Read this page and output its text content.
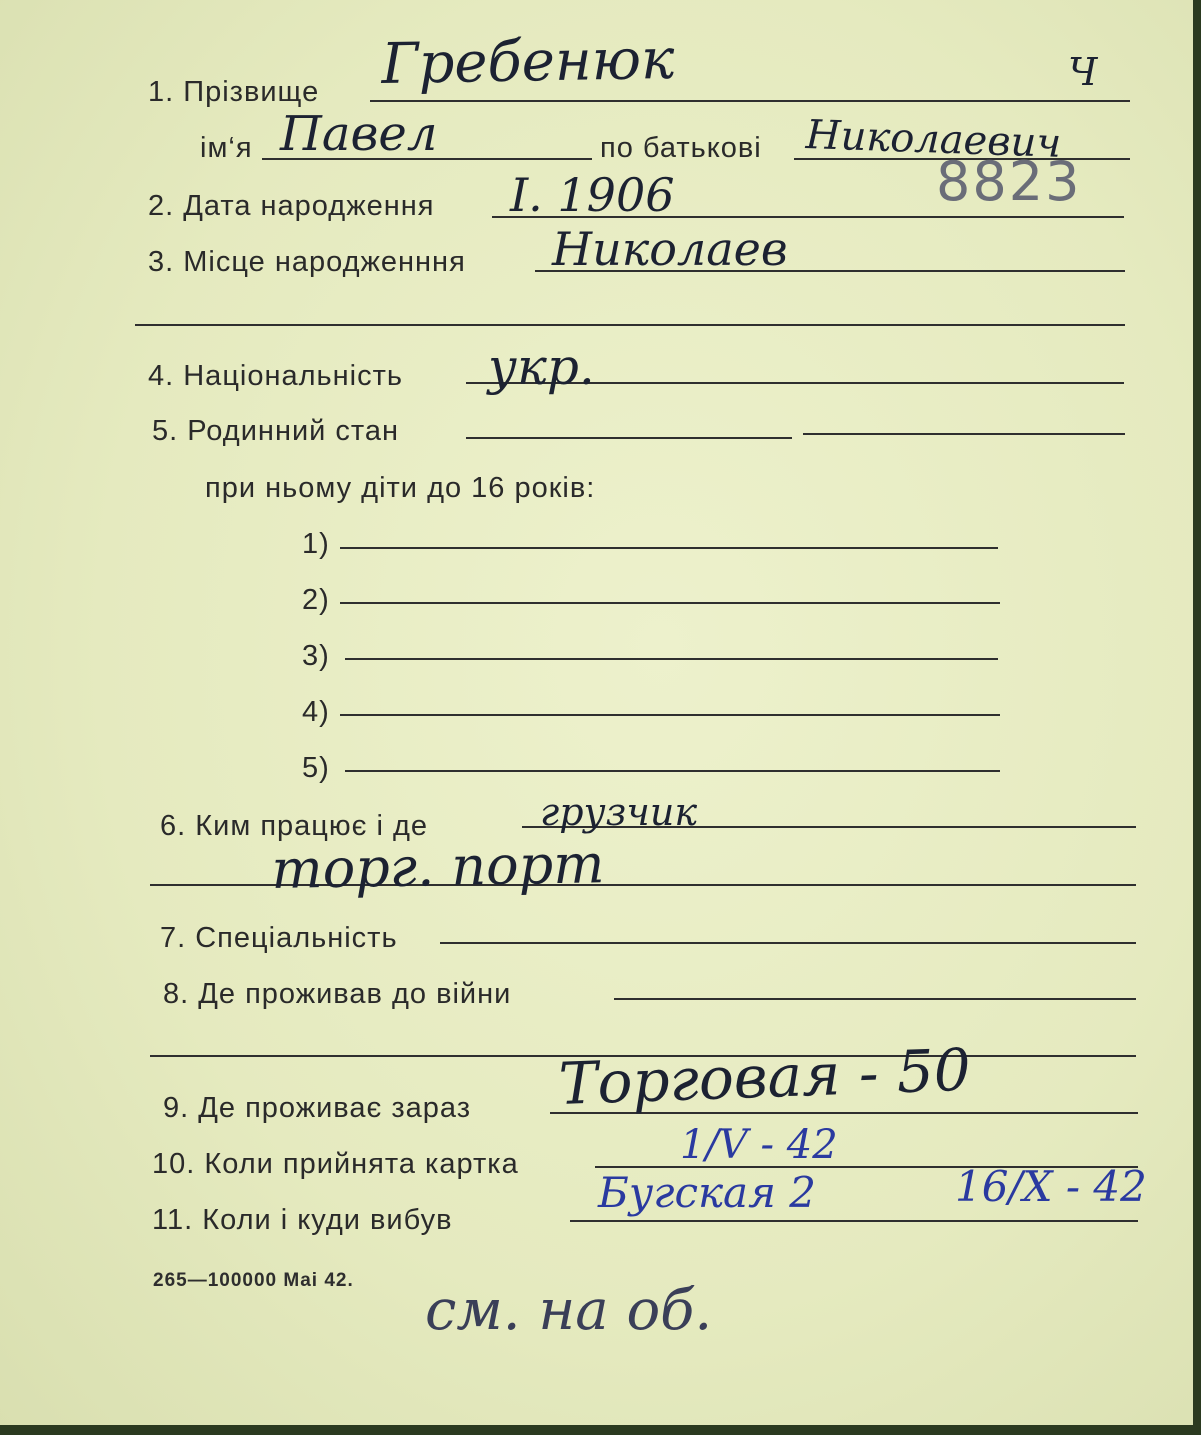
1. Прізвище Гребенюк	Ч
ім‘я Павел	по батькові Николаевич
8823
2. Дата народження I. 1906
3. Місце народженння Николаев
4. Національність укр.
5. Родинний стан
при ньому діти до 16 років:
1)
2)
3)
4)
5)
6. Ким працює і де	грузчик
торг. порт
7. Спеціальність
8. Де проживав до війни
9. Де проживає зараз Торговая - 50
10. Коли прийнята картка	1/V - 42
11. Коли і куди вибув
Бугская 2	16/X - 42
265—100000 Mai 42. см. на об.
